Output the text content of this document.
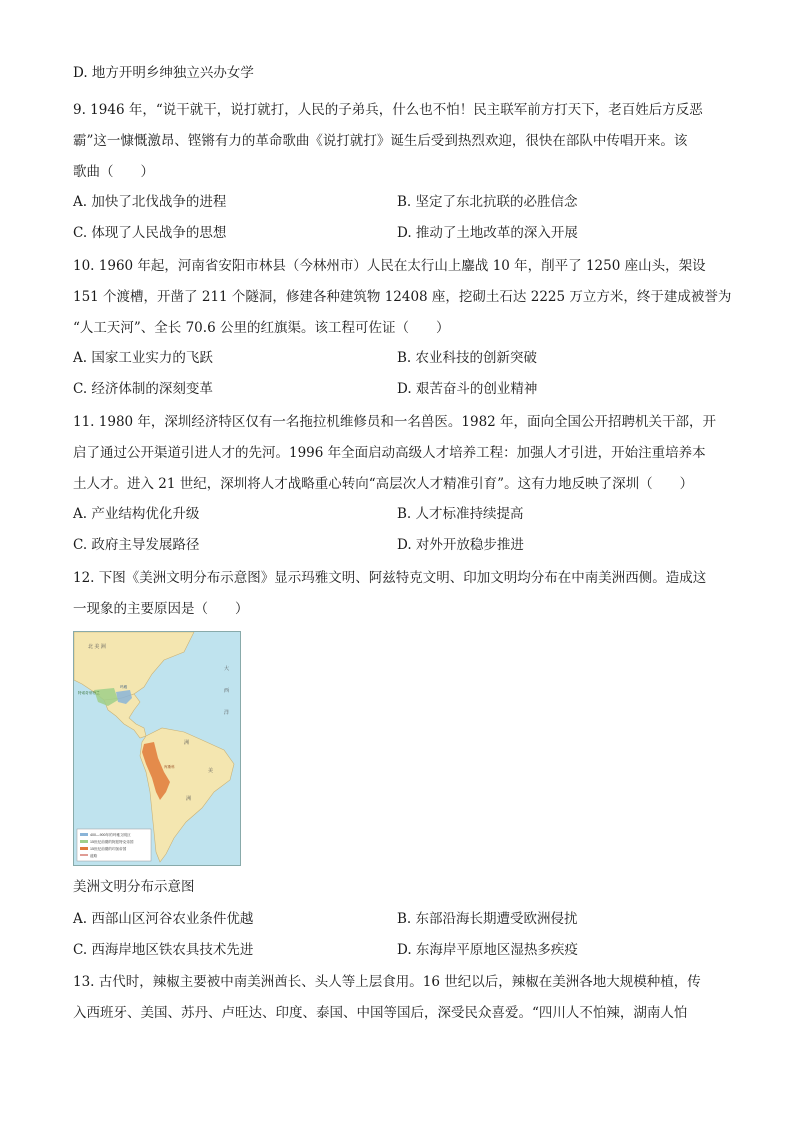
D. 地方开明乡绅独立兴办女学
9. 1946 年，“说干就干，说打就打，人民的子弟兵，什么也不怕！民主联军前方打天下，老百姓后方反恶
霸”这一慷慨激昂、铿锵有力的革命歌曲《说打就打》诞生后受到热烈欢迎，很快在部队中传唱开来。该
歌曲（　　）
A. 加快了北伐战争的进程	B. 坚定了东北抗联的必胜信念
C. 体现了人民战争的思想	D. 推动了土地改革的深入开展
10. 1960 年起，河南省安阳市林县（今林州市）人民在太行山上鏖战 10 年，削平了 1250 座山头，架设
151 个渡槽，开凿了 211 个隧洞，修建各种建筑物 12408 座，挖砌土石达 2225 万立方米，终于建成被誉为
“人工天河”、全长 70.6 公里的红旗渠。该工程可佐证（　　）
A. 国家工业实力的飞跃	B. 农业科技的创新突破
C. 经济体制的深刻变革	D. 艰苦奋斗的创业精神
11. 1980 年，深圳经济特区仅有一名拖拉机维修员和一名兽医。1982 年，面向全国公开招聘机关干部，开
启了通过公开渠道引进人才的先河。1996 年全面启动高级人才培养工程：加强人才引进，开始注重培养本
土人才。进入 21 世纪，深圳将人才战略重心转向“高层次人才精准引育”。这有力地反映了深圳（　　）
A. 产业结构优化升级	B. 人才标准持续提高
C. 政府主导发展路径	D. 对外开放稳步推进
12. 下图《美洲文明分布示意图》显示玛雅文明、阿兹特克文明、印加文明均分布在中南美洲西侧。造成这
一现象的主要原因是（　　）
400—900年的玛雅文明区
15世纪前期的阿兹特克帝国
15世纪前期的印加帝国
道路
北 美 洲
洲
美
洲
大
西
洋
玛雅
特诺奇蒂特兰
库斯科
美洲文明分布示意图
A. 西部山区河谷农业条件优越	B. 东部沿海长期遭受欧洲侵扰
C. 西海岸地区铁农具技术先进	D. 东海岸平原地区湿热多疾疫
13. 古代时，辣椒主要被中南美洲酋长、头人等上层食用。16 世纪以后，辣椒在美洲各地大规模种植，传
入西班牙、美国、苏丹、卢旺达、印度、泰国、中国等国后，深受民众喜爱。“四川人不怕辣，湖南人怕
